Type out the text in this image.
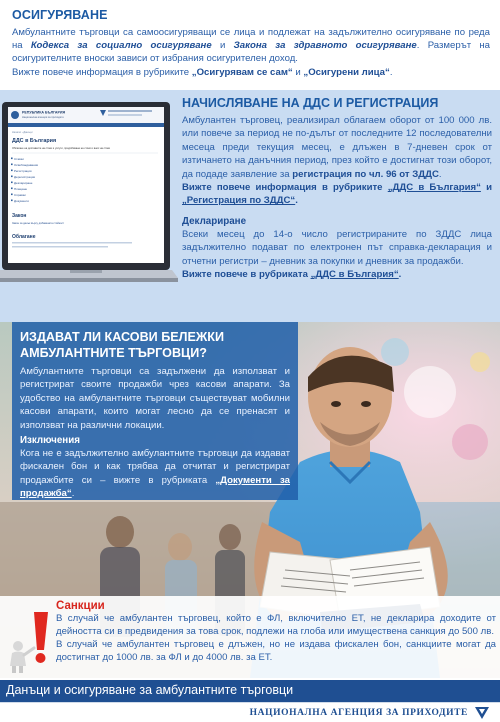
ОСИГУРЯВАНЕ

Амбулантните търговци са самоосигуряващи се лица и подлежат на задължително осигуряване по реда на Кодекса за социално осигуряване и Закона за здравното осигуряване. Размерът на осигурителните вноски зависи от избрания осигурителен доход.

Вижте повече информация в рубриките „Осигурявам се сам“ и „Осигурени лица“.

РЕПУБЛИКА БЪЛГАРИЯ
Национална агенция за приходите
Начало › Данъци
ДДС в България
Облагане на доставките на стоки и услуги, придобиване на стоки и внос на стоки
Ставки
Освобождавания
Регистрация
Дерегистрация
Деклариране
Плащане
Справки
Документи
Закон
Закон за данък върху добавената стойност
Облагане
НАЧИСЛЯВАНЕ НА ДДС И РЕГИСТРАЦИЯ

Амбулантен търговец, реализирал облагаем оборот от 100 000 лв. или повече за период не по-дълъг от последните 12 последователни месеца преди текущия месец, е длъжен в 7-дневен срок от изтичането на данъчния период, през който е достигнат този оборот, да подаде заявление за регистрация по чл. 96 от ЗДДС.

Вижте повече информация в рубриките „ДДС в България“ и „Регистрация по ЗДДС“.

Деклариране

Всеки месец до 14-о число регистрираните по ЗДДС лица задължително подават по електронен път справка-декларация и отчетни регистри – дневник за покупки и дневник за продажби.

Вижте повече в рубриката „ДДС в България“.

ИЗДАВАТ ЛИ КАСОВИ БЕЛЕЖКИ АМБУЛАНТНИТЕ ТЪРГОВЦИ?

Амбулантните търговци са задължени да използват и регистрират своите продажби чрез касови апарати. За удобство на амбулантните търговци съществуват мобилни касови апарати, които могат лесно да се пренасят и използват на различни локации.

Изключения

Кога не е задължително амбулантните търговци да издават фискален бон и как трябва да отчитат и регистрират продажбите си – вижте в рубриката „Документи за продажба“.

Санкции

В случай че амбулантен търговец, който е ФЛ, включително ЕТ, не декларира доходите от дейността си в предвидения за това срок, подлежи на глоба или имуществена санкция до 500 лв.

В случай че амбулантен търговец е длъжен, но не издава фискален бон, санкциите могат да достигнат до 1000 лв. за ФЛ и до 4000 лв. за ЕТ.

Данъци и осигуряване за амбулантните търговци
НАЦИОНАЛНА АГЕНЦИЯ ЗА ПРИХОДИТЕ
